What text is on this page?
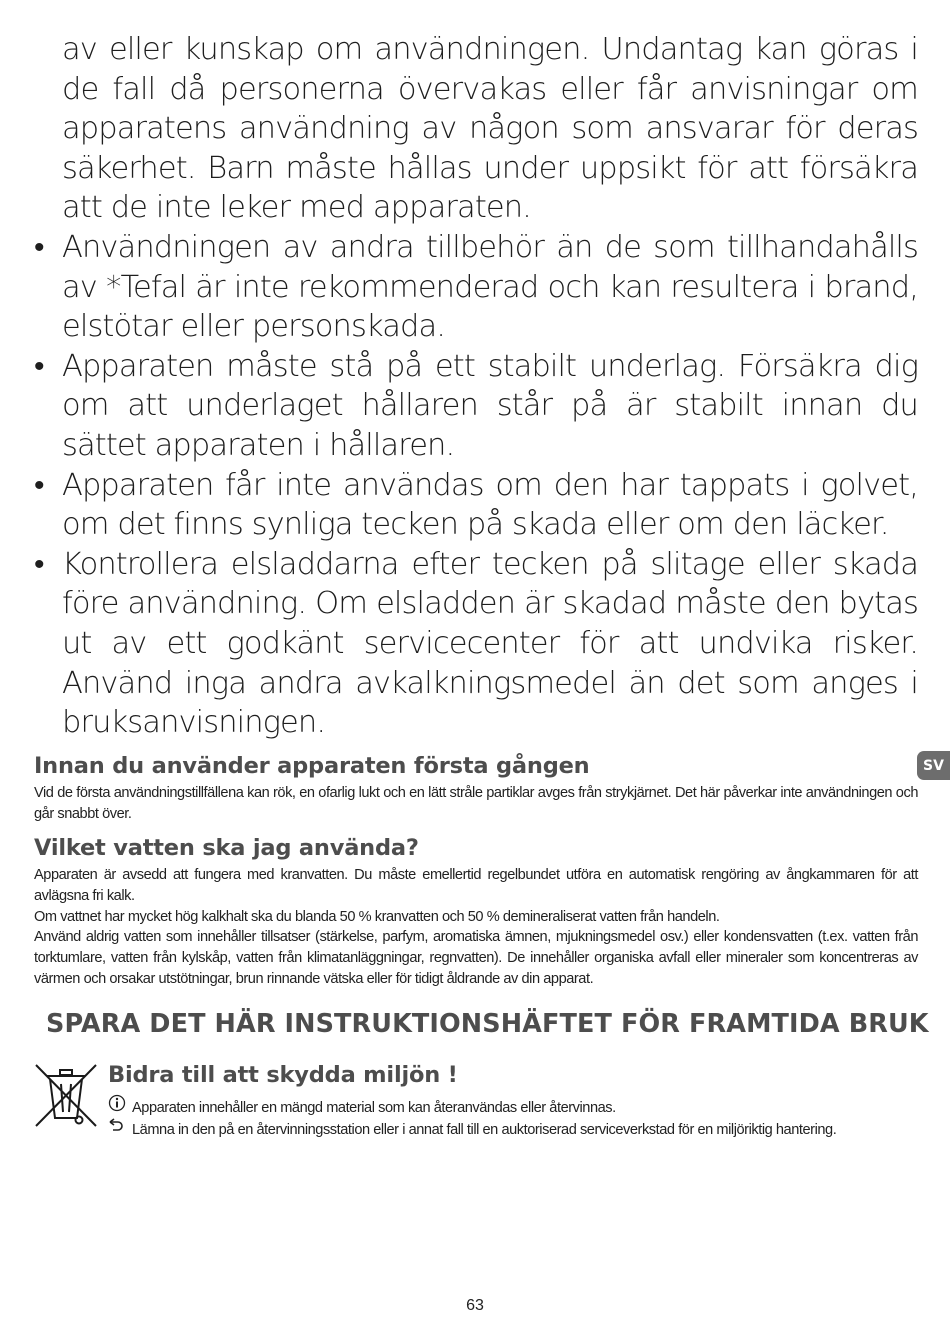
av eller kunskap om användningen. Undantag kan göras i de fall då personerna övervakas eller får anvisningar om apparatens användning av någon som ansvarar för deras säkerhet. Barn måste hållas under uppsikt för att försäkra att de inte leker med apparaten.

• Användningen av andra tillbehör än de som tillhandahålls av *Tefal är inte rekommenderad och kan resultera i brand, elstötar eller personskada.

• Apparaten måste stå på ett stabilt underlag. Försäkra dig om att underlaget hållaren står på är stabilt innan du sättet apparaten i hållaren.

• Apparaten får inte användas om den har tappats i golvet, om det finns synliga tecken på skada eller om den läcker.

• Kontrollera elsladdarna efter tecken på slitage eller skada före användning. Om elsladden är skadad måste den bytas ut av ett godkänt servicecenter för att undvika risker. Använd inga andra avkalkningsmedel än det som anges i bruksanvisningen.

SV
Innan du använder apparaten första gången

Vid de första användningstillfällena kan rök, en ofarlig lukt och en lätt stråle partiklar avges från strykjärnet. Det här påverkar inte användningen och går snabbt över.

Vilket vatten ska jag använda?

Apparaten är avsedd att fungera med kranvatten. Du måste emellertid regelbundet utföra en automatisk rengöring av ångkammaren för att avlägsna fri kalk.

Om vattnet har mycket hög kalkhalt ska du blanda 50 % kranvatten och 50 % demineraliserat vatten från handeln.

Använd aldrig vatten som innehåller tillsatser (stärkelse, parfym, aromatiska ämnen, mjukningsmedel osv.) eller kondensvatten (t.ex. vatten från torktumlare, vatten från kylskåp, vatten från klimatanläggningar, regnvatten). De innehåller organiska avfall eller mineraler som koncentreras av värmen och orsakar utstötningar, brun rinnande vätska eller för tidigt åldrande av din apparat.

SPARA DET HÄR INSTRUKTIONSHÄFTET FÖR FRAMTIDA BRUK
Bidra till att skydda miljön !
Apparaten innehåller en mängd material som kan återanvändas eller återvinnas.
Lämna in den på en återvinningsstation eller i annat fall till en auktoriserad serviceverkstad för en miljöriktig hantering.
63
